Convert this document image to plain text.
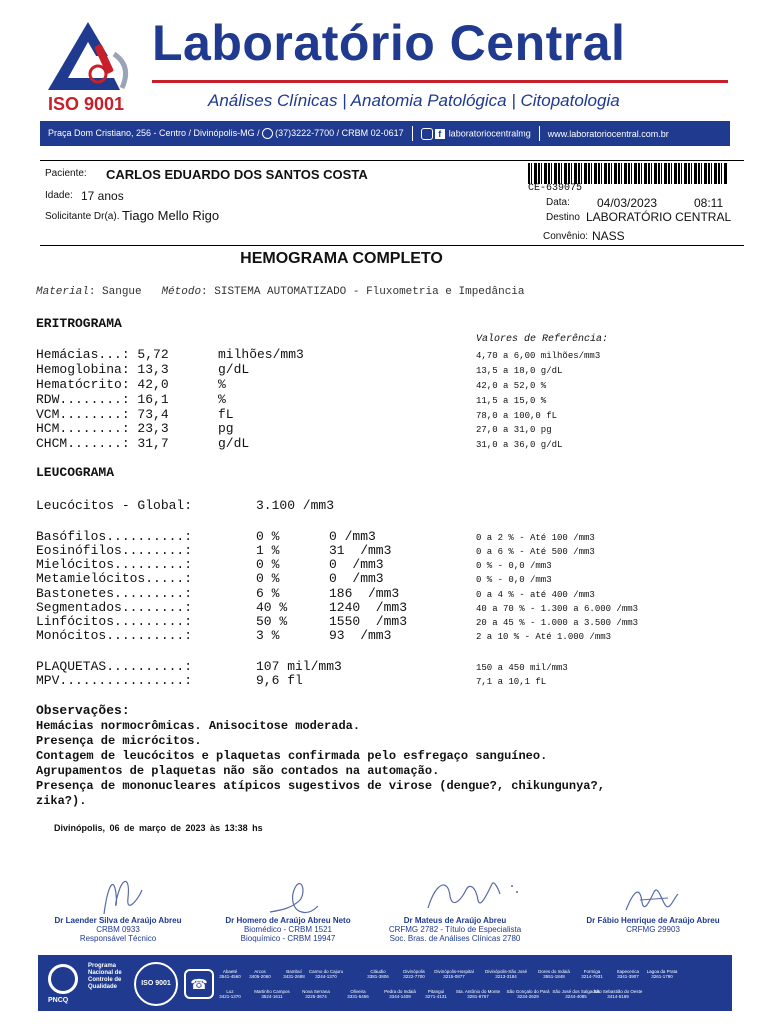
Laboratório Central
ISO 9001	Análises Clínicas | Anatomia Patológica | Citopatologia
Praça Dom Cristiano, 256 - Centro / Divinópolis-MG / (37)3222-7700 / CRBM 02-0617	f laboratoriocentralmg	www.laboratoriocentral.com.br
Paciente: CARLOS EDUARDO DOS SANTOS COSTA
Idade: 17 anos
Solicitante Dr(a). Tiago Mello Rigo
CE-639075
Data: 04/03/2023	08:11
Destino LABORATÓRIO CENTRAL
Convênio: NASS
HEMOGRAMA COMPLETO
Material: Sangue Método: SISTEMA AUTOMATIZADO - Fluxometria e Impedância
ERITROGRAMA
Valores de Referência:
Hemácias...: 5,72	milhões/mm3	4,70 a 6,00 milhões/mm3
Hemoglobina: 13,3	g/dL	13,5 a 18,0 g/dL
Hematócrito: 42,0	%	42,0 a 52,0 %
RDW........: 16,1	%	11,5 a 15,0 %
VCM........: 73,4	fL	78,0 a 100,0 fL
HCM........: 23,3	pg	27,0 a 31,0 pg
CHCM.......: 31,7	g/dL	31,0 a 36,0 g/dL
LEUCOGRAMA
Leucócitos - Global:	3.100 /mm3
Basófilos..........:	0 %	0 /mm3	0 a 2 % - Até 100 /mm3
Eosinófilos........:	1 %	31  /mm3	0 a 6 % - Até 500 /mm3
Mielócitos.........:	0 %	0  /mm3	0 % - 0,0 /mm3
Metamielócitos.....:	0 %	0  /mm3	0 % - 0,0 /mm3
Bastonetes.........:	6 %	186  /mm3	0 a 4 % - até 400 /mm3
Segmentados........:	40 %	1240  /mm3	40 a 70 % - 1.300 a 6.000 /mm3
Linfócitos.........:	50 %	1550  /mm3	20 a 45 % - 1.000 a 3.500 /mm3
Monócitos..........:	3 %	93  /mm3	2 a 10 % - Até 1.000 /mm3
PLAQUETAS..........:	107 mil/mm3	150 a 450 mil/mm3
MPV................:	9,6 fl	7,1 a 10,1 fL
Observações:
Hemácias normocrômicas. Anisocitose moderada.
Presença de micrócitos.
Contagem de leucócitos e plaquetas confirmada pelo esfregaço sanguíneo.
Agrupamentos de plaquetas não são contados na automação.
Presença de mononucleares atípicos sugestivos de virose (dengue?, chikungunya?,
zika?).
Divinópolis, 06 de março de 2023 às 13:38 hs
Dr Laender Silva de Araújo Abreu
CRBM 0933
Responsável Técnico
Dr Homero de Araújo Abreu Neto
Biomédico - CRBM 1521
Bioquímico - CRBM 19947
Dr Mateus de Araújo Abreu
CRFMG 2782 - Título de Especialista
Soc. Bras. de Análises Clínicas 2780
Dr Fábio Henrique de Araújo Abreu
CRFMG 29903
Programa
Nacional de
Controle de
Qualidade
PNCQ
ISO 9001	☎
Abaeté
3541-4560
Arcos
3405-2060
Bambuí
3431-2688
Carmo do Cajuru
3244-1370
Cláudio
3381-3806
Divinópolis
3222-7700
Divinópolis-Hospital
3215-0877
Divinópolis-São José
3213-3184
Dores do Indaiá
3551-1848
Formiga
3214-7931
Itapecerica
3341-3907
Lagoa da Prata
3261-1790
Luz
3421-1370
Martinho Campos
3524-1611
Nova Serrana
3225-3674
Oliveira
3331-6456
Pedra do Indaiá
3344-1409
Pitangui
3271-4131
Sta. Antônio do Monte
3281-8767
São Gonçalo do Pará
3234-2629
São José dos Salgados
3244-4085
São Sebastião do Oeste
3414-5169
